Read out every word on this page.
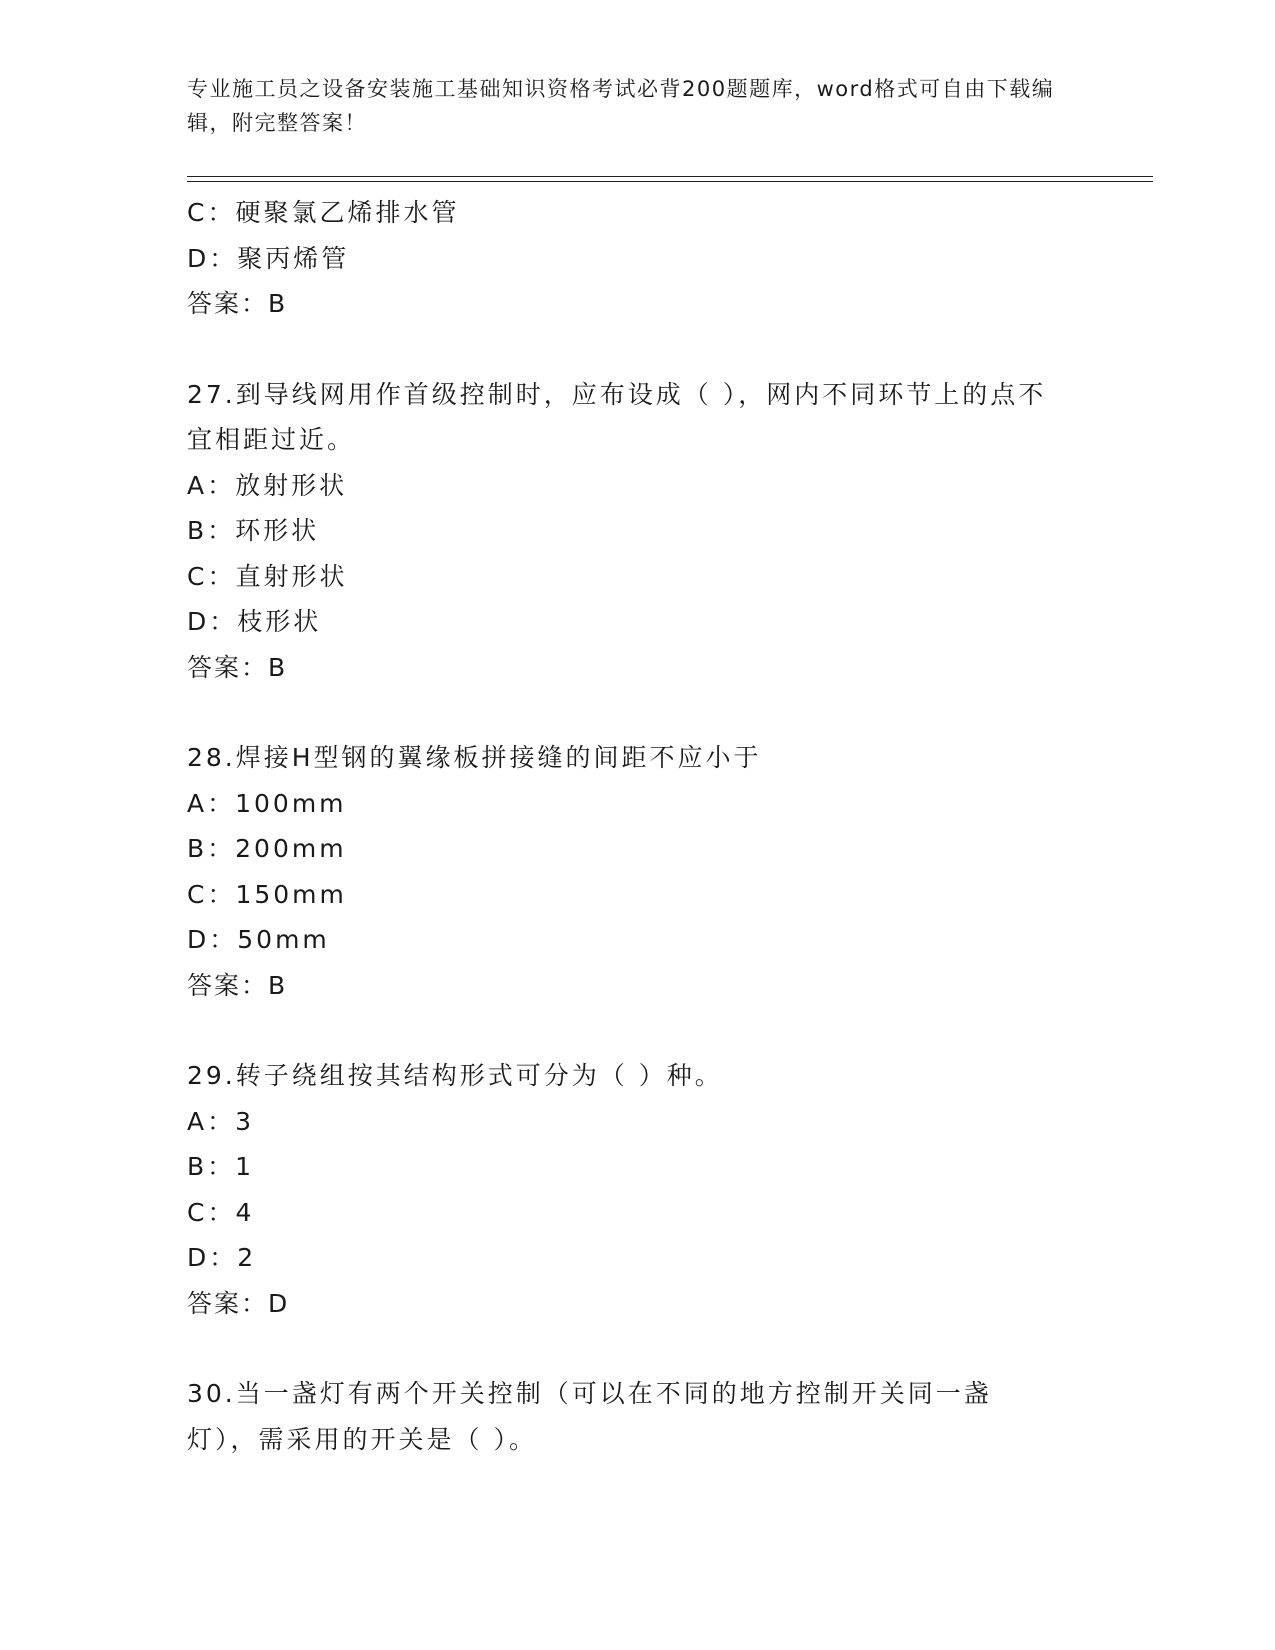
专业施工员之设备安装施工基础知识资格考试必背200题题库，word格式可自由下载编辑，附完整答案！
C：硬聚氯乙烯排水管
D：聚丙烯管
答案：B
27.到导线网用作首级控制时，应布设成（ ），网内不同环节上的点不宜相距过近。
A：放射形状
B：环形状
C：直射形状
D：枝形状
答案：B
28.焊接H型钢的翼缘板拼接缝的间距不应小于
A：100mm
B：200mm
C：150mm
D：50mm
答案：B
29.转子绕组按其结构形式可分为（ ）种。
A：3
B：1
C：4
D：2
答案：D
30.当一盏灯有两个开关控制（可以在不同的地方控制开关同一盏灯），需采用的开关是（ ）。
